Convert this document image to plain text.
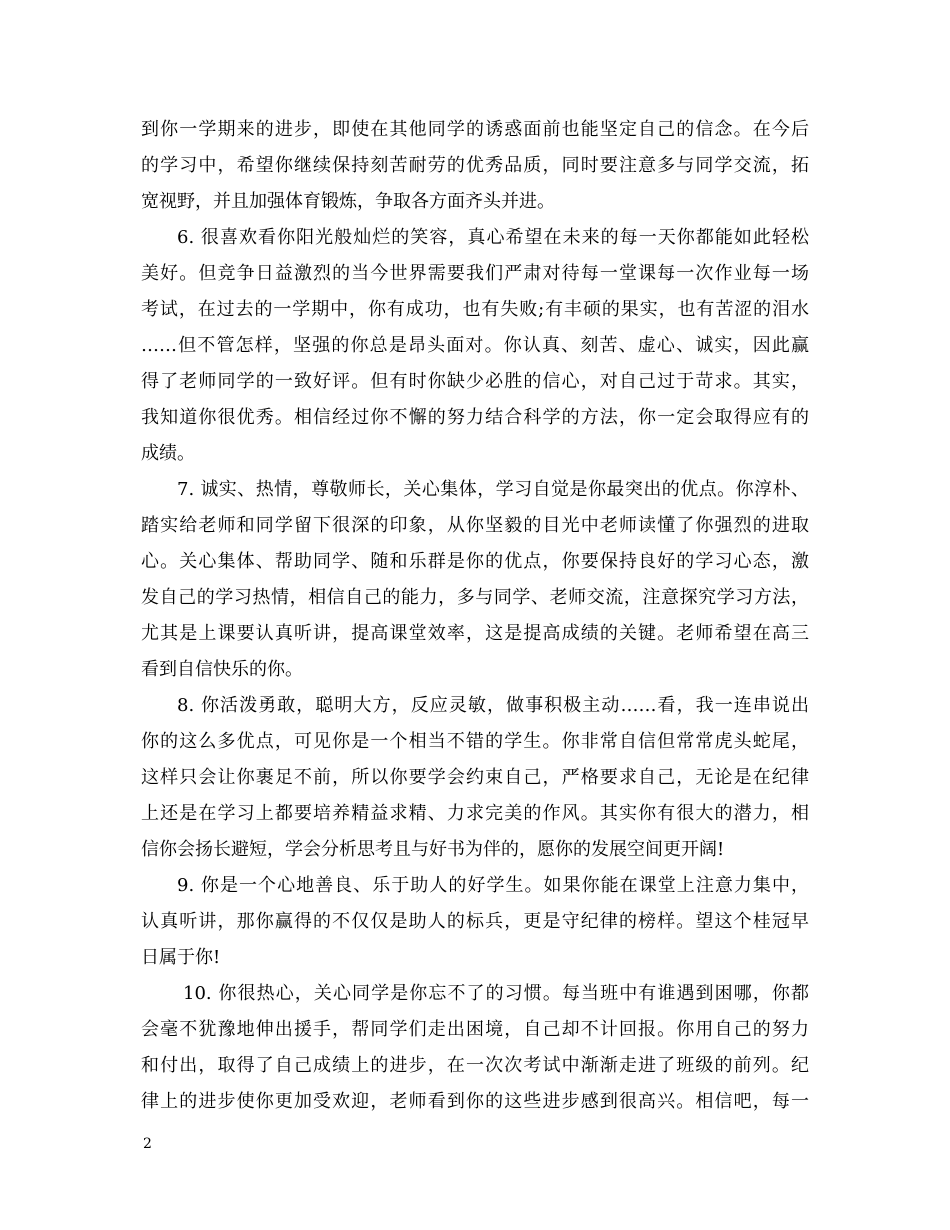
到你一学期来的进步，即使在其他同学的诱惑面前也能坚定自己的信念。在今后
的学习中，希望你继续保持刻苦耐劳的优秀品质，同时要注意多与同学交流，拓
宽视野，并且加强体育锻炼，争取各方面齐头并进。
6. 很喜欢看你阳光般灿烂的笑容，真心希望在未来的每一天你都能如此轻松
美好。但竞争日益激烈的当今世界需要我们严肃对待每一堂课每一次作业每一场
考试，在过去的一学期中，你有成功，也有失败;有丰硕的果实，也有苦涩的泪水
……但不管怎样，坚强的你总是昂头面对。你认真、刻苦、虚心、诚实，因此赢
得了老师同学的一致好评。但有时你缺少必胜的信心，对自己过于苛求。其实，
我知道你很优秀。相信经过你不懈的努力结合科学的方法，你一定会取得应有的
成绩。
7. 诚实、热情，尊敬师长，关心集体，学习自觉是你最突出的优点。你淳朴、
踏实给老师和同学留下很深的印象，从你坚毅的目光中老师读懂了你强烈的进取
心。关心集体、帮助同学、随和乐群是你的优点，你要保持良好的学习心态，激
发自己的学习热情，相信自己的能力，多与同学、老师交流，注意探究学习方法，
尤其是上课要认真听讲，提高课堂效率，这是提高成绩的关键。老师希望在高三
看到自信快乐的你。
8. 你活泼勇敢，聪明大方，反应灵敏，做事积极主动……看，我一连串说出
你的这么多优点，可见你是一个相当不错的学生。你非常自信但常常虎头蛇尾，
这样只会让你裹足不前，所以你要学会约束自己，严格要求自己，无论是在纪律
上还是在学习上都要培养精益求精、力求完美的作风。其实你有很大的潜力，相
信你会扬长避短，学会分析思考且与好书为伴的，愿你的发展空间更开阔!
9. 你是一个心地善良、乐于助人的好学生。如果你能在课堂上注意力集中，
认真听讲，那你赢得的不仅仅是助人的标兵，更是守纪律的榜样。望这个桂冠早
日属于你!
10. 你很热心，关心同学是你忘不了的习惯。每当班中有谁遇到困哪，你都
会毫不犹豫地伸出援手，帮同学们走出困境，自己却不计回报。你用自己的努力
和付出，取得了自己成绩上的进步，在一次次考试中渐渐走进了班级的前列。纪
律上的进步使你更加受欢迎，老师看到你的这些进步感到很高兴。相信吧，每一
2
